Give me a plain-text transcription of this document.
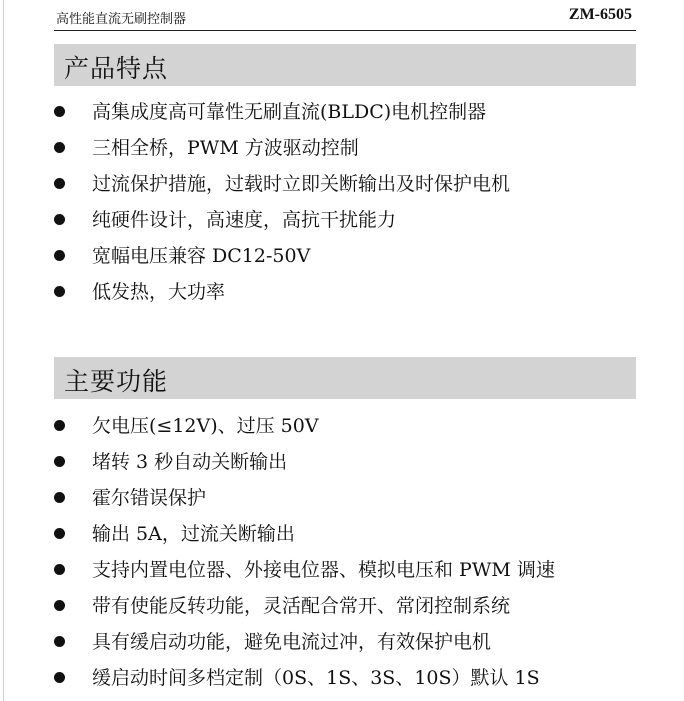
高性能直流无刷控制器	ZM-6505
产品特点
高集成度高可靠性无刷直流(BLDC)电机控制器
三相全桥，PWM 方波驱动控制
过流保护措施，过载时立即关断输出及时保护电机
纯硬件设计，高速度，高抗干扰能力
宽幅电压兼容 DC12-50V
低发热，大功率
主要功能
欠电压(≤12V)、过压 50V
堵转 3 秒自动关断输出
霍尔错误保护
输出 5A，过流关断输出
支持内置电位器、外接电位器、模拟电压和 PWM 调速
带有使能反转功能，灵活配合常开、常闭控制系统
具有缓启动功能，避免电流过冲，有效保护电机
缓启动时间多档定制（0S、1S、3S、10S）默认 1S
